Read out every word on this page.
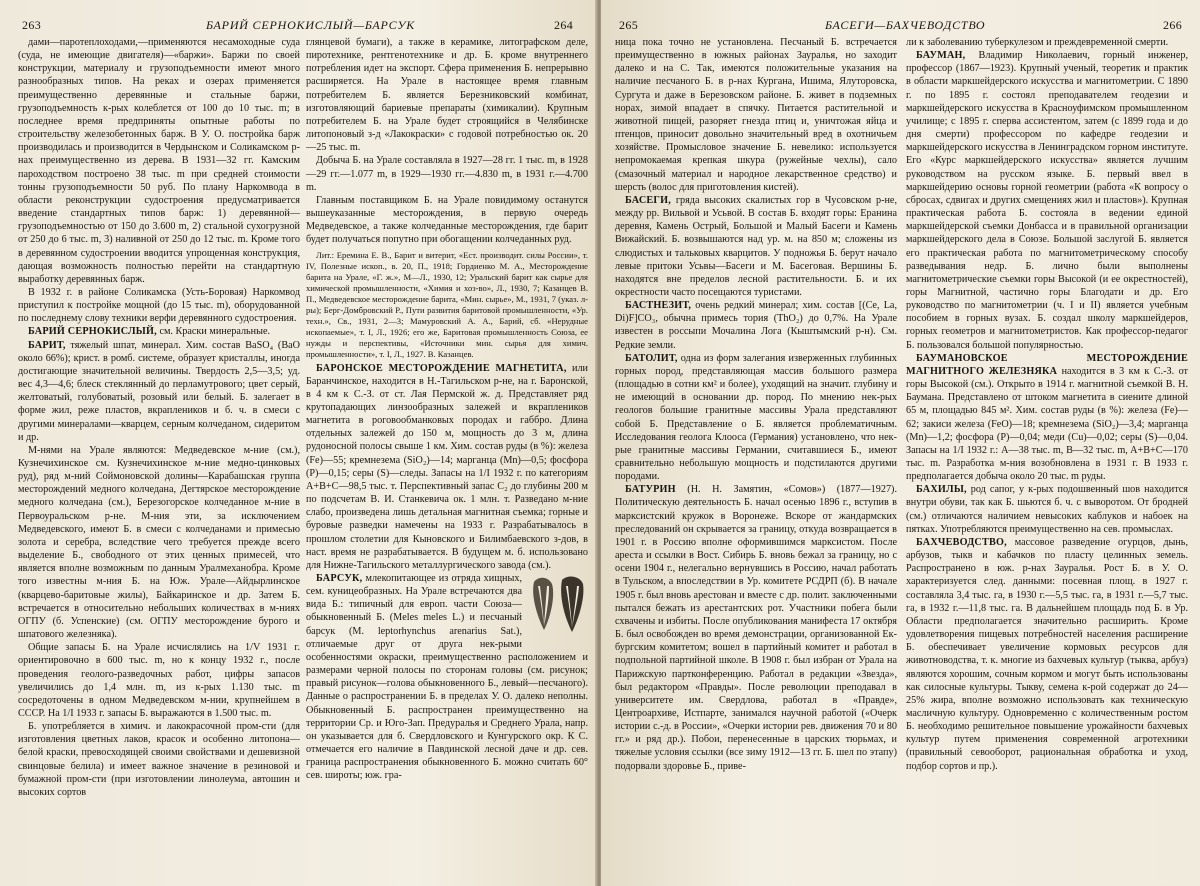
263	БАРИЙ СЕРНОКИСЛЫЙ—БАРСУК	264

дами—паротеплоходами,—применяются несамоходные суда (суда, не имеющие двигателя)—«баржи». Баржи по своей конструкции, материалу и грузоподъемности имеют много разнообразных типов. На реках и озерах применяется преимущественно деревянные и стальные баржи, грузоподъемность к-рых колеблется от 100 до 10 тыс. m; в последнее время предприняты опытные работы по строительству железобетонных барж. В У. О. постройка барж производилась и производится в Чердынском и Соликамском р-нах преимущественно из дерева. В 1931—32 гг. Камским пароходством построено 38 тыс. m при средней стоимости тонны грузоподъемности 50 руб. По плану Наркомвода в области реконструкции судостроения предусматривается введение стандартных типов барж: 1) деревянной—грузоподъемностью от 150 до 3.600 m, 2) стальной сухогрузной от 250 до 6 тыс. m, 3) наливной от 250 до 12 тыс. m. Кроме того в деревянном судостроении вводится упрощенная конструкция, дающая возможность полностью перейти на стандартную выработку деревянных барж.

В 1932 г. в районе Соликамска (Усть-Боровая) Наркомвод приступил к постройке мощной (до 15 тыс. m), оборудованной по последнему слову техники верфи деревянного судостроения.

БАРИЙ СЕРНОКИСЛЫЙ, см. Краски минеральные.

БАРИТ, тяжелый шпат, минерал. Хим. состав BaSO₄ (BaO около 66%); крист. в ромб. системе, образует кристаллы, иногда достигающие значительной величины. Твердость 2,5—3,5; уд. вес 4,3—4,6; блеск стеклянный до перламутрового; цвет серый, желтоватый, голубоватый, розовый или белый. Б. залегает в форме жил, реже пластов, вкраплеников и б. ч. в смеси с другими минералами—кварцем, серным колчеданом, сидеритом и др.

М-нями на Урале являются: Медведевское м-ние (см.), Кузнечихинское см. Кузнечихинское м-ние медно-цинковых руд), ряд м-ний Соймоновской долины—Карабашская группа месторождений медного колчедана, Дегтярское месторождение медного колчедана (см.), Березогорское колчеданное м-ние в Первоуральском р-не. М-ния эти, за исключением Медведевского, имеют Б. в смеси с колчеданами и примесью золота и серебра, вследствие чего требуется прежде всего выделение Б., свободного от этих ценных примесей, что является вполне возможным по данным Уралмеханобра. Кроме того известны м-ния Б. на Юж. Урале—Айдырлинское (кварцево-баритовые жилы), Байкаринское и др. Затем Б. встречается в относительно небольших количествах в м-ниях ОГПУ (б. Успенские) (см. ОГПУ месторождение бурого и шпатового железняка).

Общие запасы Б. на Урале исчислялись на 1/V 1931 г. ориентировочно в 600 тыс. m, но к концу 1932 г., после проведения геолого-разведочных работ, цифры запасов увеличились до 1,4 млн. m, из к-рых 1.130 тыс. m сосредоточены в одном Медведевском м-нии, крупнейшем в СССР. На 1/I 1933 г. запасы Б. выражаются в 1.500 тыс. m.

Б. употребляется в химич. и лакокрасочной пром-сти (для изготовления цветных лаков, красок и особенно литопона—белой краски, превосходящей своими свойствами и дешевизной свинцовые белила) и имеет важное значение в резиновой и бумажной пром-сти (при изготовлении линолеума, автошин и высоких сортов

глянцевой бумаги), а также в керамике, литографском деле, пиротехнике, рентгенотехнике и др. Б. кроме внутреннего потребления идет на экспорт. Сфера применения Б. непрерывно расширяется. На Урале в настоящее время главным потребителем Б. является Березниковский комбинат, изготовляющий бариевые препараты (химикалии). Крупным потребителем Б. на Урале будет строящийся в Челябинске литопоновый з-д «Лакокраски» с годовой потребностью ок. 20—25 тыс. m.

Добыча Б. на Урале составляла в 1927—28 гг. 1 тыс. m, в 1928—29 гг.—1.077 m, в 1929—1930 гг.—4.830 m, в 1931 г.—4.700 m.

Главным поставщиком Б. на Урале повидимому останутся вышеуказанные месторождения, в первую очередь Медведевское, а также колчеданные месторождения, где барит будет получаться попутно при обогащении колчеданных руд.

Лит.: Еремина Е. В., Барит и витерит, «Ест. производит. силы России», т. IV, Полезные ископ., в. 20, П., 1918; Гордиенко М. А., Месторождение барита на Урале, «Г. ж.», М—Л., 1930, 12; Уральский барит как сырье для химической промышленности, «Химия и хоз-во», Л., 1930, 7; Казанцев В. П., Медведевское месторождение барита, «Мин. сырье», М., 1931, 7 (указ. л-ры); Берг-Домбровский Р., Пути развития баритовой промышленности, «Ур. техн.», Св., 1931, 2—3; Мамуровский А. А., Барий, сб. «Нерудные ископаемые», т. I, Л., 1926; его же, Баритовая промышленность Союза, ее нужды и перспективы, «Источники мин. сырья для химич. промышленности», т. I, Л., 1927. В. Казанцев.

БАРОНСКОЕ МЕСТОРОЖДЕНИЕ МАГНЕТИТА, или Баранчинское, находится в Н.-Тагильском р-не, на г. Баронской, в 4 км к С.-З. от ст. Лая Пермской ж. д. Представляет ряд крутопадающих линзообразных залежей и вкраплеников магнетита в роговообманковых породах и габбро. Длина отдельных залежей до 150 м, мощность до 3 м, длина рудоносной полосы свыше 1 км. Хим. состав руды (в %): железа (Fe)—55; кремнезема (SiO₂)—14; марганца (Mn)—0,5; фосфора (P)—0,15; серы (S)—следы. Запасы на 1/I 1932 г. по категориям A+B+C—98,5 тыс. т. Перспективный запас С₂ до глубины 200 м по подсчетам В. И. Станкевича ок. 1 млн. т. Разведано м-ние слабо, произведена лишь детальная магнитная съемка; горные и буровые разведки намечены на 1933 г. Разрабатывалось в прошлом столетии для Кыновского и Билимбаевского з-дов, в наст. время не разрабатывается. В будущем м. б. использовано для Нижне-Тагильского металлургического завода (см.).

БАРСУК,
млекопитающее из отряда хищных, сем. куницеобразных. На Урале встречаются два вида Б.: типичный для европ. части Союза—обыкновенный Б. (Meles meles L.) и песчаный барсук (M. leptorhynchus arenarius Sat.), отличаемые друг от друга нек-рыми особенностями окраски, преимущественно расположением и размерами черной полосы по сторонам головы (см. рисунок; правый рисунок—голова обыкновенного Б., левый—песчаного). Данные о распространении Б. в пределах У. О. далеко неполны. Обыкновенный Б. распространен преимущественно на территории Ср. и Юго-Зап. Предуралья и Среднего Урала, напр. он указывается для б. Свердловского и Кунгурского окр. К С. отмечается его наличие в Павдинской лесной даче и др. сев. граница распространения обыкновенного Б. можно считать 60° сев. широты; юж. гра-

265	БАСЕГИ—БАХЧЕВОДСТВО	266

ница пока точно не установлена. Песчаный Б. встречается преимущественно в южных районах Зауралья, но заходит далеко и на С. Так, имеются положительные указания на наличие песчаного Б. в р-нах Кургана, Ишима, Ялуторовска, Сургута и даже в Березовском районе. Б. живет в подземных норах, зимой впадает в спячку. Питается растительной и животной пищей, разоряет гнезда птиц и, уничтожая яйца и птенцов, приносит довольно значительный вред в охотничьем хозяйстве. Промысловое значение Б. невелико: используется непромокаемая крепкая шкура (ружейные чехлы), сало (смазочный материал и народное лекарственное средство) и шерсть (волос для приготовления кистей).

БАСЕГИ, гряда высоких скалистых гор в Чусовском р-не, между рр. Вильвой и Усьвой. В состав Б. входят горы: Еранина деревня, Камень Острый, Большой и Малый Басеги и Камень Вижайский. Б. возвышаются над ур. м. на 850 м; сложены из слюдистых и тальковых кварцитов. У подножья Б. берут начало левые притоки Усьвы—Басеги и М. Басеговая. Вершины Б. находятся вне пределов лесной растительности. Б. и их окрестности часто посещаются туристами.

БАСТНЕЗИТ, очень редкий минерал; хим. состав [(Ce, La, Di)F]CO₃, обычна примесь тория (ThO₂) до 0,7%. На Урале известен в россыпи Мочалина Лога (Кыштымский р-н). См. Редкие земли.

БАТОЛИТ, одна из форм залегания изверженных глубинных горных пород, представляющая массив большого размера (площадью в сотни км² и более), уходящий на значит. глубину и не имеющий в основании др. пород. По мнению нек-рых геологов большие гранитные массивы Урала представляют собой Б. Представление о Б. является проблематичным. Исследования геолога Клооса (Германия) установлено, что нек-рые гранитные массивы Германии, считавшиеся Б., имеют сравнительно небольшую мощность и подстилаются другими породами.

БАТУРИН (Н. Н. Замятин, «Сомов») (1877—1927). Политическую деятельность Б. начал осенью 1896 г., вступив в марксистский кружок в Воронеже. Вскоре от жандармских преследований он скрывается за границу, откуда возвращается в 1901 г. в Россию вполне оформившимся марксистом. После ареста и ссылки в Вост. Сибирь Б. вновь бежал за границу, но с осени 1904 г., нелегально вернувшись в Россию, начал работать в Тульском, а впоследствии в Ур. комитете РСДРП (б). В начале 1905 г. был вновь арестован и вместе с др. полит. заключенными пытался бежать из арестантских рот. Участники побега были схвачены и избиты. После опубликования манифеста 17 октября Б. был освобожден во время демонстрации, организованной Ек-бургским комитетом; вошел в партийный комитет и работал в подпольной партийной школе. В 1908 г. был избран от Урала на Парижскую партконференцию. Работал в редакции «Звезда», был редактором «Правды». После революции преподавал в университете им. Свердлова, работал в «Правде», Центроархиве, Истпарте, занимался научной работой («Очерк истории с.-д. в России», «Очерки истории рев. движения 70 и 80 гг.» и ряд др.). Побои, перенесенные в царских тюрьмах, и тяжелые условия ссылки (все зиму 1912—13 гг. Б. шел по этапу) подорвали здоровье Б., приве-

ли к заболеванию туберкулезом и преждевременной смерти.

БАУМАН, Владимир Николаевич, горный инженер, профессор (1867—1923). Крупный ученый, теоретик и практик в области маркшейдерского искусства и магнитометрии. С 1890 г. по 1895 г. состоял преподавателем геодезии и маркшейдерского искусства в Красноуфимском промышленном училище; с 1895 г. сперва ассистентом, затем (с 1899 года и до дня смерти) профессором по кафедре геодезии и маркшейдерского искусства в Ленинградском горном институте. Его «Курс маркшейдерского искусства» является лучшим руководством на русском языке. Б. первый ввел в маркшейдерию основы горной геометрии (работа «К вопросу о сбросах, сдвигах и других смещениях жил и пластов»). Крупная практическая работа Б. состояла в ведении единой маркшейдерской съемки Донбасса и в правильной организации маркшейдерского дела в Союзе. Большой заслугой Б. является его практическая работа по магнитометрическому способу разведывания недр. Б. лично были выполнены магнитометрические съемки горы Высокой (и ее окрестностей), горы Магнитной, частично горы Благодати и др. Его руководство по магнитометрии (ч. I и II) является учебным пособием в горных вузах. Б. создал школу маркшейдеров, горных геометров и магнитометристов. Как профессор-педагог Б. пользовался большой популярностью.

БАУМАНОВСКОЕ МЕСТОРОЖДЕНИЕ МАГНИТНОГО ЖЕЛЕЗНЯКА находится в 3 км к С.-З. от горы Высокой (см.). Открыто в 1914 г. магнитной съемкой В. Н. Баумана. Представлено от штоком магнетита в сиените длиной 65 м, площадью 845 м². Хим. состав руды (в %): железа (Fe)—62; закиси железа (FeO)—18; кремнезема (SiO₂)—3,4; марганца (Mn)—1,2; фосфора (P)—0,04; меди (Cu)—0,02; серы (S)—0,04. Запасы на 1/I 1932 г.: A—38 тыс. m, B—32 тыс. m, A+B+C—170 тыс. m. Разработка м-ния возобновлена в 1931 г. В 1933 г. предполагается добыча около 20 тыс. m руды.

БАХИЛЫ, род сапог, у к-рых подошвенный шов находится внутри обуви, так как Б. шьются б. ч. с выворотом. От бродней (см.) отличаются наличием невысоких каблуков и набоек на пятках. Употребляются преимущественно на сев. промыслах.

БАХЧЕВОДСТВО, массовое разведение огурцов, дынь, арбузов, тыкв и кабачков по пласту целинных земель. Распространено в юж. р-нах Зауралья. Рост Б. в У. О. характеризуется след. данными: посевная площ. в 1927 г. составляла 3,4 тыс. га, в 1930 г.—5,5 тыс. га, в 1931 г.—5,7 тыс. га, в 1932 г.—11,8 тыс. га. В дальнейшем площадь под Б. в Ур. Области предполагается значительно расширить. Кроме удовлетворения пищевых потребностей населения расширение Б. обеспечивает увеличение кормовых ресурсов для животноводства, т. к. многие из бахчевых культур (тыква, арбуз) являются хорошим, сочным кормом и могут быть использованы как силосные культуры. Тыкву, семена к-рой содержат до 24—25% жира, вполне возможно использовать как техническую масличную культуру. Одновременно с количественным ростом Б. необходимо решительное повышение урожайности бахчевых культур путем применения современной агротехники (правильный севооборот, рациональная обработка и уход, подбор сортов и пр.).
